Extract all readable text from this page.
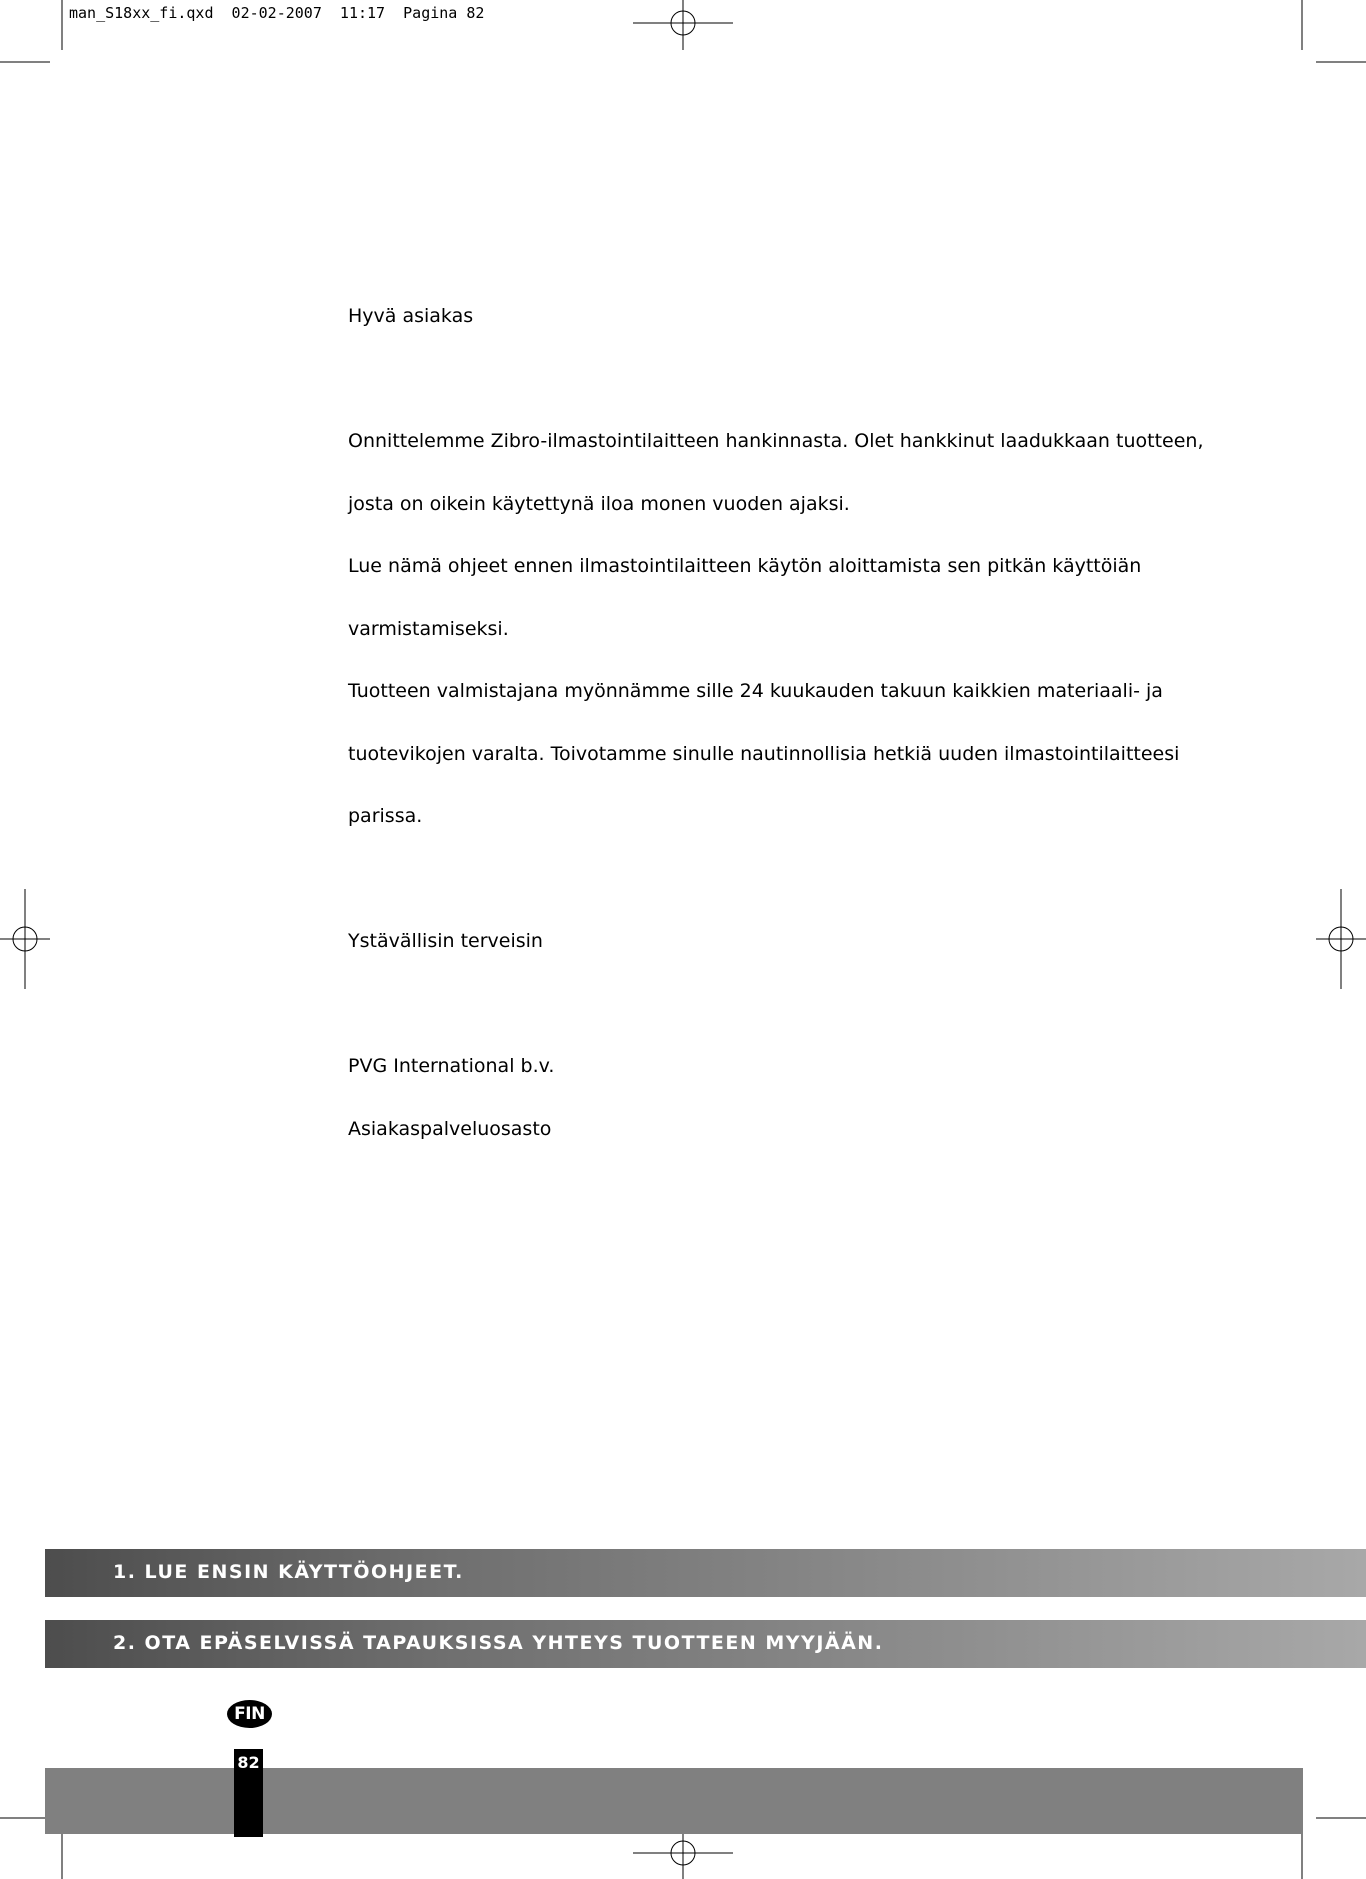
man_S18xx_fi.qxd  02-02-2007  11:17  Pagina 82
Hyvä asiakas
Onnittelemme Zibro-ilmastointilaitteen hankinnasta. Olet hankkinut laadukkaan tuotteen,
josta on oikein käytettynä iloa monen vuoden ajaksi.
Lue nämä ohjeet ennen ilmastointilaitteen käytön aloittamista sen pitkän käyttöiän
varmistamiseksi.
Tuotteen valmistajana myönnämme sille 24 kuukauden takuun kaikkien materiaali- ja
tuotevikojen varalta. Toivotamme sinulle nautinnollisia hetkiä uuden ilmastointilaitteesi
parissa.
Ystävällisin terveisin
PVG International b.v.
Asiakaspalveluosasto
1. LUE ENSIN KÄYTTÖOHJEET.
2. OTA EPÄSELVISSÄ TAPAUKSISSA YHTEYS TUOTTEEN MYYJÄÄN.
FIN
82
